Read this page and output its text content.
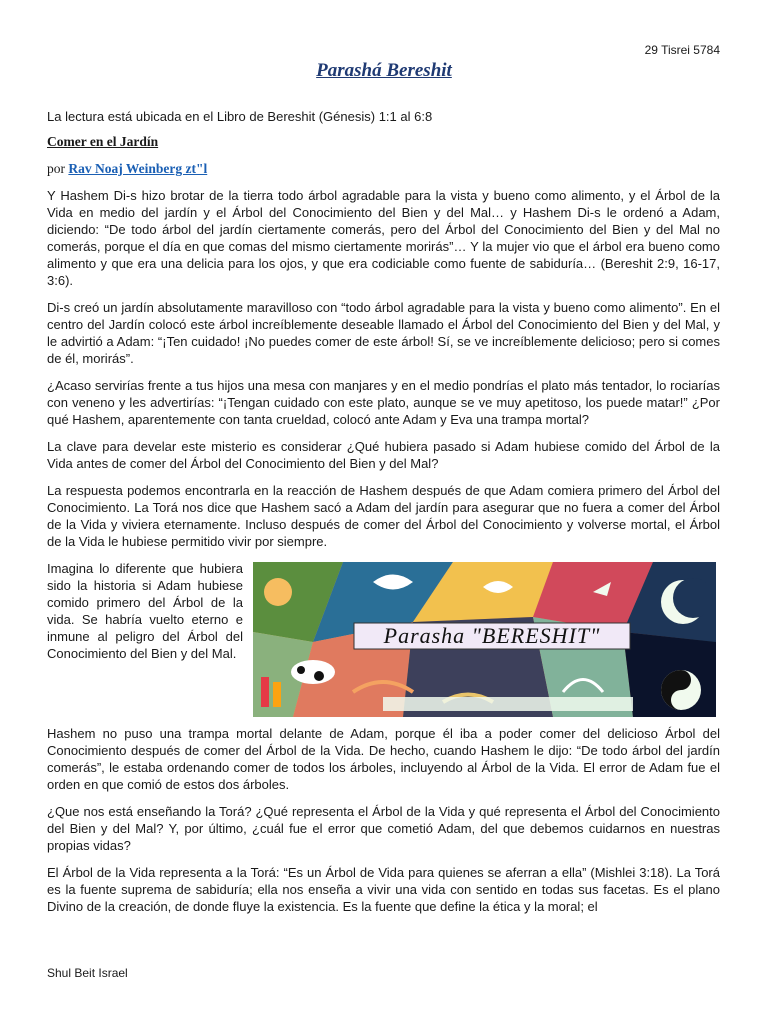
29 Tisrei 5784
Parashá Bereshit

La lectura está ubicada en el Libro de Bereshit (Génesis) 1:1 al 6:8

Comer en el Jardín
por Rav Noaj Weinberg zt"l

Y Hashem Di-s hizo brotar de la tierra todo árbol agradable para la vista y bueno como alimento, y el Árbol de la Vida en medio del jardín y el Árbol del Conocimiento del Bien y del Mal… y Hashem Di-s le ordenó a Adam, diciendo: “De todo árbol del jardín ciertamente comerás, pero del Árbol del Conocimiento del Bien y del Mal no comerás, porque el día en que comas del mismo ciertamente morirás”… Y la mujer vio que el árbol era bueno como alimento y que era una delicia para los ojos, y que era codiciable como fuente de sabiduría… (Bereshit 2:9, 16-17, 3:6).

Di-s creó un jardín absolutamente maravilloso con “todo árbol agradable para la vista y bueno como alimento”. En el centro del Jardín colocó este árbol increíblemente deseable llamado el Árbol del Conocimiento del Bien y del Mal, y le advirtió a Adam: “¡Ten cuidado! ¡No puedes comer de este árbol! Sí, se ve increíblemente delicioso; pero si comes de él, morirás”.

¿Acaso servirías frente a tus hijos una mesa con manjares y en el medio pondrías el plato más tentador, lo rociarías con veneno y les advertirías: “¡Tengan cuidado con este plato, aunque se ve muy apetitoso, los puede matar!” ¿Por qué Hashem, aparentemente con tanta crueldad, colocó ante Adam y Eva una trampa mortal?

La clave para develar este misterio es considerar ¿Qué hubiera pasado si Adam hubiese comido del Árbol de la Vida antes de comer del Árbol del Conocimiento del Bien y del Mal?

La respuesta podemos encontrarla en la reacción de Hashem después de que Adam comiera primero del Árbol del Conocimiento. La Torá nos dice que Hashem sacó a Adam del jardín para asegurar que no fuera a comer del Árbol de la Vida y viviera eternamente. Incluso después de comer del Árbol del Conocimiento y volverse mortal, el Árbol de la Vida le hubiese permitido vivir por siempre.

Parasha "BERESHIT"

Imagina lo diferente que hubiera sido la historia si Adam hubiese comido primero del Árbol de la vida. Se habría vuelto eterno e inmune al peligro del Árbol del Conocimiento del Bien y del Mal.

Hashem no puso una trampa mortal delante de Adam, porque él iba a poder comer del delicioso Árbol del Conocimiento después de comer del Árbol de la Vida. De hecho, cuando Hashem le dijo: “De todo árbol del jardín comerás”, le estaba ordenando comer de todos los árboles, incluyendo al Árbol de la Vida. El error de Adam fue el orden en que comió de estos dos árboles.

¿Que nos está enseñando la Torá? ¿Qué representa el Árbol de la Vida y qué representa el Árbol del Conocimiento del Bien y del Mal? Y, por último, ¿cuál fue el error que cometió Adam, del que debemos cuidarnos en nuestras propias vidas?

El Árbol de la Vida representa a la Torá: “Es un Árbol de Vida para quienes se aferran a ella” (Mishlei 3:18). La Torá es la fuente suprema de sabiduría; ella nos enseña a vivir una vida con sentido en todas sus facetas. Es el plano Divino de la creación, de donde fluye la existencia. Es la fuente que define la ética y la moral; el

Shul Beit Israel
